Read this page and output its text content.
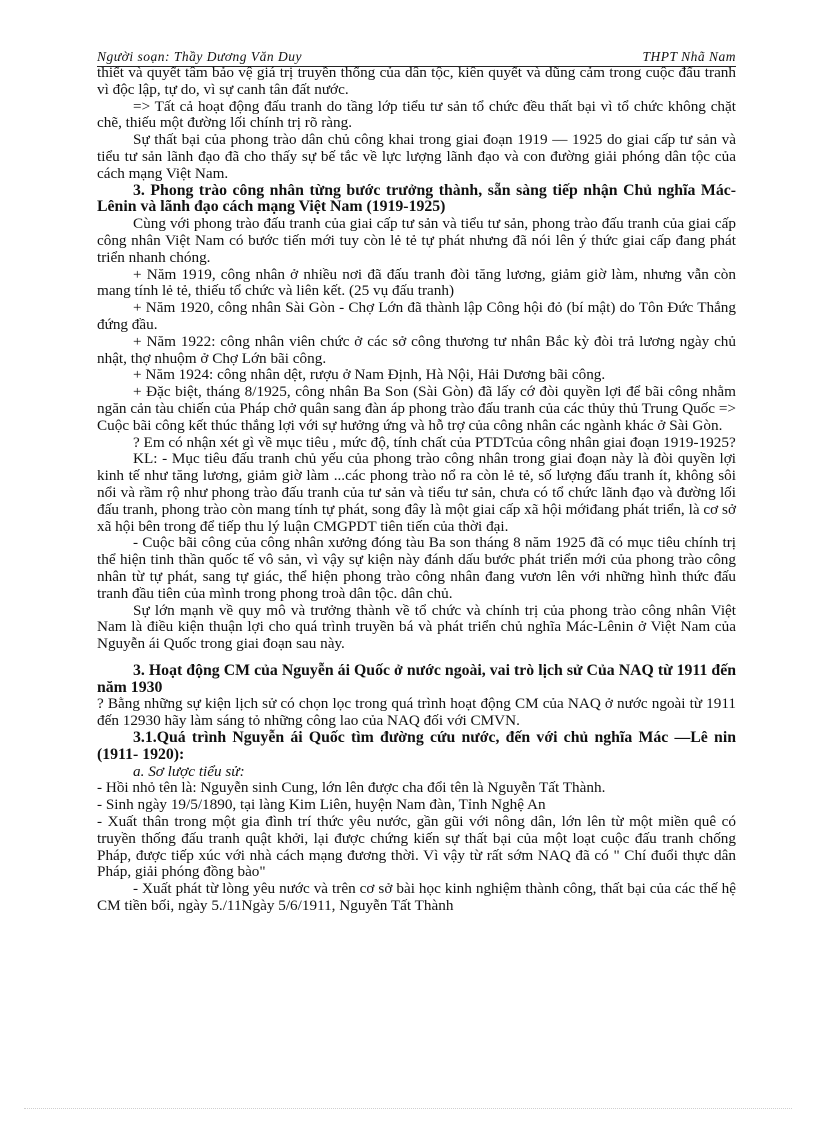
Người soạn: Thầy Dương Văn Duy	THPT Nhã Nam

thiết và quyết tâm bảo vệ giá trị truyền thống của dân tộc, kiên quyết và dũng cảm trong cuộc đấu tranh vì độc lập, tự do, vì sự canh tân đất nước.

=> Tất cả hoạt động đấu tranh do tầng lớp tiểu tư sản tổ chức đều thất bại vì tổ chức không chặt chẽ, thiếu một đường lối chính trị rõ ràng.

Sự thất bại của phong trào dân chủ công khai trong giai đoạn 1919 — 1925 do giai cấp tư sản và tiểu tư sản lãnh đạo đã cho thấy sự bế tắc về lực lượng lãnh đạo và con đường giải phóng dân tộc của cách mạng Việt Nam.

3. Phong trào công nhân từng bước trưởng thành, sẵn sàng tiếp nhận Chủ nghĩa Mác-Lênin và lãnh đạo cách mạng Việt Nam (1919-1925)

Cùng với phong trào đấu tranh của giai cấp tư sản và tiểu tư sản, phong trào đấu tranh của giai cấp công nhân Việt Nam có bước tiến mới tuy còn lẻ tẻ tự phát nhưng đã nói lên ý thức giai cấp đang phát triển nhanh chóng.

+ Năm 1919, công nhân ở nhiều nơi đã đấu tranh đòi tăng lương, giảm giờ làm, nhưng vẫn còn mang tính lẻ tẻ, thiếu tổ chức và liên kết. (25 vụ đấu tranh)

+ Năm 1920, công nhân Sài Gòn - Chợ Lớn đã thành lập Công hội đỏ (bí mật) do Tôn Đức Thắng đứng đầu.

+ Năm 1922: công nhân viên chức ở các sở công thương tư nhân Bắc kỳ đòi trả lương ngày chủ nhật, thợ nhuộm ở Chợ Lớn bãi công.

+ Năm 1924: công nhân dệt, rượu ở Nam Định, Hà Nội, Hải Dương bãi công.

+ Đặc biệt, tháng 8/1925, công nhân Ba Son (Sài Gòn) đã lấy cớ đòi quyền lợi để bãi công nhằm ngăn cản tàu chiến của Pháp chở quân sang đàn áp phong trào đấu tranh của các thủy thủ Trung Quốc => Cuộc bãi công kết thúc thắng lợi với sự hưởng ứng và hỗ trợ của công nhân các ngành khác ở Sài Gòn.

? Em có nhận xét gì về mục tiêu , mức độ, tính chất của PTDTcủa công nhân giai đoạn 1919-1925?

KL: - Mục tiêu đấu tranh chủ yếu của phong trào công nhân trong giai đoạn này là đòi quyền lợi kinh tế như tăng lương, giảm giờ làm ...các phong trào nổ ra còn lẻ tẻ, số lượng đấu tranh ít, không sôi nổi và rầm rộ như phong trào đấu tranh của tư sản và tiểu tư sản, chưa có tổ chức lãnh đạo và đường lối đấu tranh, phong trào còn mang tính tự phát, song đây là một giai cấp xã hội mớiđang phát triển, là cơ sở xã hội bên trong để tiếp thu lý luận CMGPDT tiên tiến của thời đại.

- Cuộc bãi công của công nhân xưởng đóng tàu Ba son tháng 8 năm 1925 đã có mục tiêu chính trị thể hiện tinh thần quốc tế vô sản, vì vậy sự kiện này đánh dấu bước phát triển mới của phong trào công nhân từ tự phát, sang tự giác, thể hiện phong trào công nhân đang vươn lên với những hình thức đấu tranh đầu tiên của mình trong phong troà dân tộc. dân chủ.

Sự lớn mạnh về quy mô và trưởng thành về tổ chức và chính trị của phong trào công nhân Việt Nam là điều kiện thuận lợi cho quá trình truyền bá và phát triển chủ nghĩa Mác-Lênin ở Việt Nam của Nguyễn ái Quốc trong giai đoạn sau này.

3. Hoạt động CM của Nguyễn ái Quốc ở nước ngoài, vai trò lịch sử Của NAQ từ 1911 đến năm 1930

? Bằng những sự kiện lịch sử có chọn lọc trong quá trình hoạt động CM của NAQ ở nước ngoài từ 1911 đến 12930 hãy làm sáng tỏ những công lao của NAQ đối với CMVN.

3.1.Quá trình Nguyễn ái Quốc tìm đường cứu nước, đến với chủ nghĩa Mác —Lê nin (1911- 1920):

a. Sơ lược tiểu sử:

- Hồi nhỏ tên là: Nguyễn sinh Cung, lớn lên được cha đổi tên là Nguyễn Tất Thành.

- Sinh ngày 19/5/1890, tại làng Kim Liên, huyện Nam đàn, Tỉnh Nghệ An

- Xuất thân trong một gia đình trí thức yêu nước, gần gũi với nông dân, lớn lên từ một miền quê có truyền thống đấu tranh quật khởi, lại được chứng kiến sự thất bại của một loạt cuộc đấu tranh chống Pháp, được tiếp xúc với nhà cách mạng đương thời. Vì vậy từ rất sớm NAQ đã có " Chí đuổi thực dân Pháp, giải phóng đồng bào"

- Xuất phát từ lòng yêu nước và trên cơ sở bài học kinh nghiệm thành công, thất bại của các thế hệ CM tiền bối, ngày 5./11Ngày 5/6/1911, Nguyễn Tất Thành
